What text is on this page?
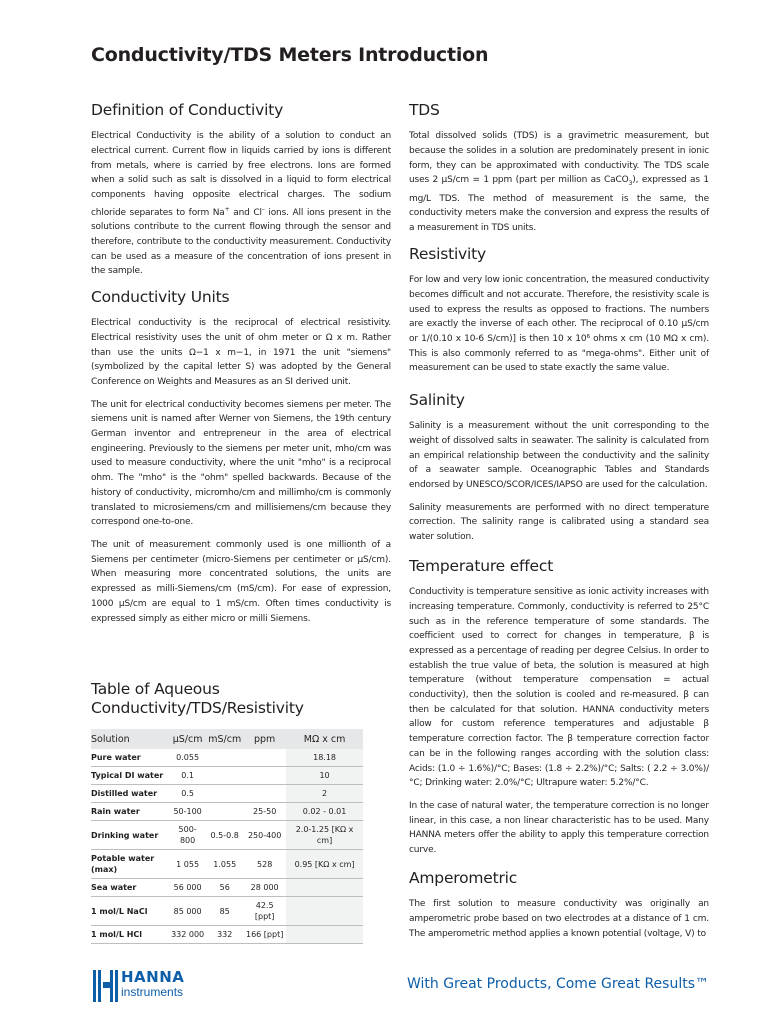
Conductivity/TDS Meters Introduction
Definition of Conductivity

Electrical Conductivity is the ability of a solution to conduct an electrical current. Current flow in liquids carried by ions is different from metals, where is carried by free electrons. Ions are formed when a solid such as salt is dissolved in a liquid to form electrical components having opposite electrical charges. The sodium chloride separates to form Na+ and Cl– ions. All ions present in the solutions contribute to the current flowing through the sensor and therefore, contribute to the conductivity measurement. Conductivity can be used as a measure of the concentration of ions present in the sample.

Conductivity Units

Electrical conductivity is the reciprocal of electrical resistivity. Electrical resistivity uses the unit of ohm meter or Ω x m. Rather than use the units Ω−1 x m−1, in 1971 the unit "siemens" (symbolized by the capital letter S) was adopted by the General Conference on Weights and Measures as an SI derived unit.

The unit for electrical conductivity becomes siemens per meter. The siemens unit is named after Werner von Siemens, the 19th century German inventor and entrepreneur in the area of electrical engineering. Previously to the siemens per meter unit, mho/cm was used to measure conductivity, where the unit "mho" is a reciprocal ohm. The "mho" is the "ohm" spelled backwards. Because of the history of conductivity, micromho/cm and millimho/cm is commonly translated to microsiemens/cm and millisiemens/cm because they correspond one-to-one.

The unit of measurement commonly used is one millionth of a Siemens per centimeter (micro-Siemens per centimeter or µS/cm). When measuring more concentrated solutions, the units are expressed as milli-Siemens/cm (mS/cm). For ease of expression, 1000 µS/cm are equal to 1 mS/cm. Often times conductivity is expressed simply as either micro or milli Siemens.

Table of Aqueous
Conductivity/TDS/Resistivity
Solution	µS/cm	mS/cm	ppm	MΩ x cm
Pure water	0.055			18.18
Typical DI water	0.1			10
Distilled water	0.5			2
Rain water	50-100		25-50	0.02 - 0.01
Drinking water	500-800	0.5-0.8	250-400	2.0-1.25 [KΩ x cm]
Potable water (max)	1 055	1.055	528	0.95 [KΩ x cm]
Sea water	56 000	56	28 000	
1 mol/L NaCl	85 000	85	42.5 [ppt]	
1 mol/L HCl	332 000	332	166 [ppt]	
TDS

Total dissolved solids (TDS) is a gravimetric measurement, but because the solides in a solution are predominately present in ionic form, they can be approximated with conductivity. The TDS scale uses 2 µS/cm = 1 ppm (part per million as CaCO$_3$), expressed as 1 mg/L TDS. The method of measurement is the same, the conductivity meters make the conversion and express the results of a measurement in TDS units.

Resistivity

For low and very low ionic concentration, the measured conductivity becomes difficult and not accurate. Therefore, the resistivity scale is used to express the results as opposed to fractions. The numbers are exactly the inverse of each other. The reciprocal of 0.10 µS/cm or 1/(0.10 x 10-6 S/cm)] is then 10 x 10⁶ ohms x cm (10 MΩ x cm). This is also commonly referred to as "mega-ohms". Either unit of measurement can be used to state exactly the same value.

Salinity

Salinity is a measurement without the unit corresponding to the weight of dissolved salts in seawater. The salinity is calculated from an empirical relationship between the conductivity and the salinity of a seawater sample. Oceanographic Tables and Standards endorsed by UNESCO/SCOR/ICES/IAPSO are used for the calculation.

Salinity measurements are performed with no direct temperature correction. The salinity range is calibrated using a standard sea water solution.

Temperature effect

Conductivity is temperature sensitive as ionic activity increases with increasing temperature. Commonly, conductivity is referred to 25°C such as in the reference temperature of some standards. The coefficient used to correct for changes in temperature, β is expressed as a percentage of reading per degree Celsius. In order to establish the true value of beta, the solution is measured at high temperature (without temperature compensation = actual conductivity), then the solution is cooled and re-measured. β can then be calculated for that solution. HANNA conductivity meters allow for custom reference temperatures and adjustable β temperature correction factor. The β temperature correction factor can be in the following ranges according with the solution class: Acids: (1.0 ÷ 1.6%)/°C; Bases: (1.8 ÷ 2.2%)/°C; Salts: ( 2.2 ÷ 3.0%)/ °C; Drinking water: 2.0%/°C; Ultrapure water: 5.2%/°C.

In the case of natural water, the temperature correction is no longer linear, in this case, a non linear characteristic has to be used. Many HANNA meters offer the ability to apply this temperature correction curve.

Amperometric

The first solution to measure conductivity was originally an amperometric probe based on two electrodes at a distance of 1 cm. The amperometric method applies a known potential (voltage, V) to

HANNA
instruments	With Great Products, Come Great Results™
